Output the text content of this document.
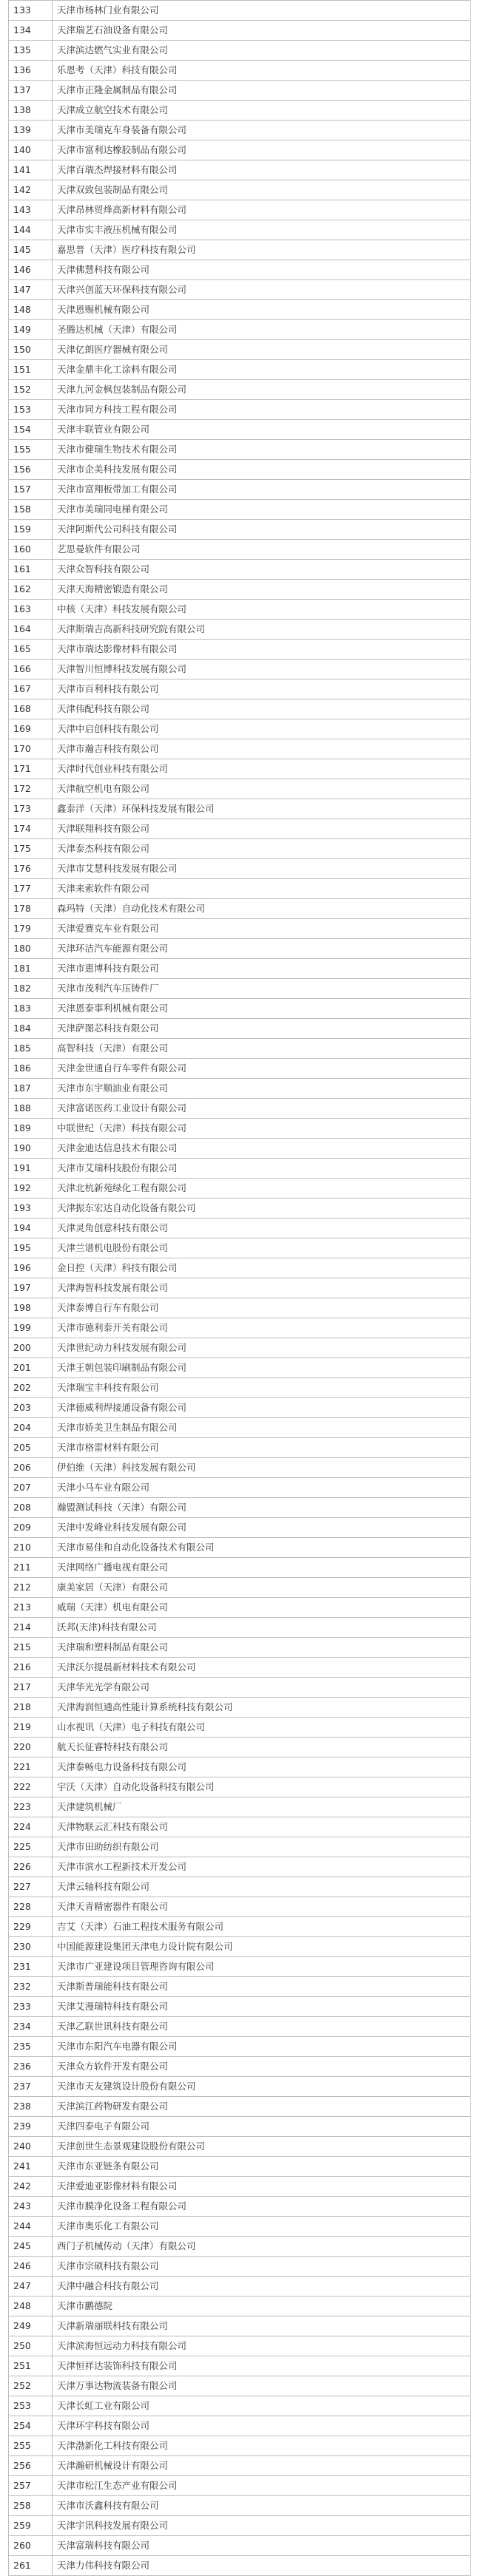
133	天津市杨林门业有限公司
134	天津瑞艺石油设备有限公司
135	天津滨达燃气实业有限公司
136	乐恩考（天津）科技有限公司
137	天津市正隆金属制品有限公司
138	天津成立航空技术有限公司
139	天津市美瑞克车身装备有限公司
140	天津市富利达橡胶制品有限公司
141	天津百瑞杰焊接材料有限公司
142	天津双致包装制品有限公司
143	天津昂林贸烽高新材料有限公司
144	天津市实丰液压机械有限公司
145	嘉思普（天津）医疗科技有限公司
146	天津佛慧科技有限公司
147	天津兴创蓝天环保科技有限公司
148	天津恩赐机械有限公司
149	圣腾达机械（天津）有限公司
150	天津亿朗医疗器械有限公司
151	天津金鼎丰化工涂料有限公司
152	天津九河金枫包装制品有限公司
153	天津市同方科技工程有限公司
154	天津丰联管业有限公司
155	天津市健瑞生物技术有限公司
156	天津市企美科技发展有限公司
157	天津市富翔板带加工有限公司
158	天津市美瑞同电梯有限公司
159	天津阿斯代公司科技有限公司
160	艺思曼软件有限公司
161	天津众智科技有限公司
162	天津天海精密锻造有限公司
163	中核（天津）科技发展有限公司
164	天津斯瑞吉高新科技研究院有限公司
165	天津市瑞达影像材料有限公司
166	天津智川恒博科技发展有限公司
167	天津市百利科技有限公司
168	天津伟配科技有限公司
169	天津中启创科技有限公司
170	天津市瀚吉科技有限公司
171	天津时代创业科技有限公司
172	天津航空机电有限公司
173	鑫泰洋（天津）环保科技发展有限公司
174	天津联翔科技有限公司
175	天津泰杰科技有限公司
176	天津市艾慧科技发展有限公司
177	天津来索软件有限公司
178	森玛特（天津）自动化技术有限公司
179	天津爱赛克车业有限公司
180	天津环洁汽车能源有限公司
181	天津市惠博科技有限公司
182	天津市茂利汽车压铸件厂
183	天津恩泰事利机械有限公司
184	天津萨图芯科技有限公司
185	高智科技（天津）有限公司
186	天津金世通自行车零件有限公司
187	天津市东宇顺油业有限公司
188	天津富诺医药工业设计有限公司
189	中联世纪（天津）科技有限公司
190	天津金迪达信息技术有限公司
191	天津市艾瑞科技股份有限公司
192	天津北杭新苑绿化工程有限公司
193	天津振东宏达自动化设备有限公司
194	天津灵角创意科技有限公司
195	天津兰谱机电股份有限公司
196	金日控（天津）科技有限公司
197	天津海智科技发展有限公司
198	天津泰博自行车有限公司
199	天津市德利泰开关有限公司
200	天津世纪动力科技发展有限公司
201	天津王朝包装印刷制品有限公司
202	天津瑞宝丰科技有限公司
203	天津德威利焊接通设备有限公司
204	天津市娇美卫生制品有限公司
205	天津市格雷材料有限公司
206	伊伯维（天津）科技发展有限公司
207	天津小马车业有限公司
208	瀚盟测试科技（天津）有限公司
209	天津中发峰业科技发展有限公司
210	天津市易佳和自动化设备技术有限公司
211	天津网络广播电视有限公司
212	康美家居（天津）有限公司
213	威瑞（天津）机电有限公司
214	沃邦(天津)科技有限公司
215	天津瑞和塑料制品有限公司
216	天津沃尔提晨新材料技术有限公司
217	天津华光光学有限公司
218	天津海润恒通高性能计算系统科技有限公司
219	山水视讯（天津）电子科技有限公司
220	航天长征睿特科技有限公司
221	天津泰畅电力设备科技有限公司
222	宇沃（天津）自动化设备科技有限公司
223	天津建筑机械厂
224	天津物联云汇科技有限公司
225	天津市田助纺织有限公司
226	天津市滨水工程新技术开发公司
227	天津云轴科技有限公司
228	天津天青精密器件有限公司
229	吉艾（天津）石油工程技术服务有限公司
230	中国能源建设集团天津电力设计院有限公司
231	天津市广亚建设项目管理咨询有限公司
232	天津斯普瑞能科技有限公司
233	天津艾漫瑞特科技有限公司
234	天津乙联世讯科技有限公司
235	天津市东阳汽车电器有限公司
236	天津众方软件开发有限公司
237	天津市天友建筑设计股份有限公司
238	天津滨江药物研发有限公司
239	天津四泰电子有限公司
240	天津创世生态景观建设股份有限公司
241	天津市东亚链条有限公司
242	天津爱迪亚影像材料有限公司
243	天津市膜净化设备工程有限公司
244	天津市奥乐化工有限公司
245	西门子机械传动（天津）有限公司
246	天津市宗硕科技有限公司
247	天津中融合科技有限公司
248	天津市鹏德院
249	天津新瑞丽联科技有限公司
250	天津滨海恒远动力科技有限公司
251	天津恒祥达装饰科技有限公司
252	天津万事达物流装备有限公司
253	天津长虹工业有限公司
254	天津环宇科技有限公司
255	天津渤新化工科技有限公司
256	天津瀚研机械设计有限公司
257	天津市松江生态产业有限公司
258	天津市沃鑫科技有限公司
259	天津宇讯科技发展有限公司
260	天津富瑞科技有限公司
261	天津力伟科技有限公司
